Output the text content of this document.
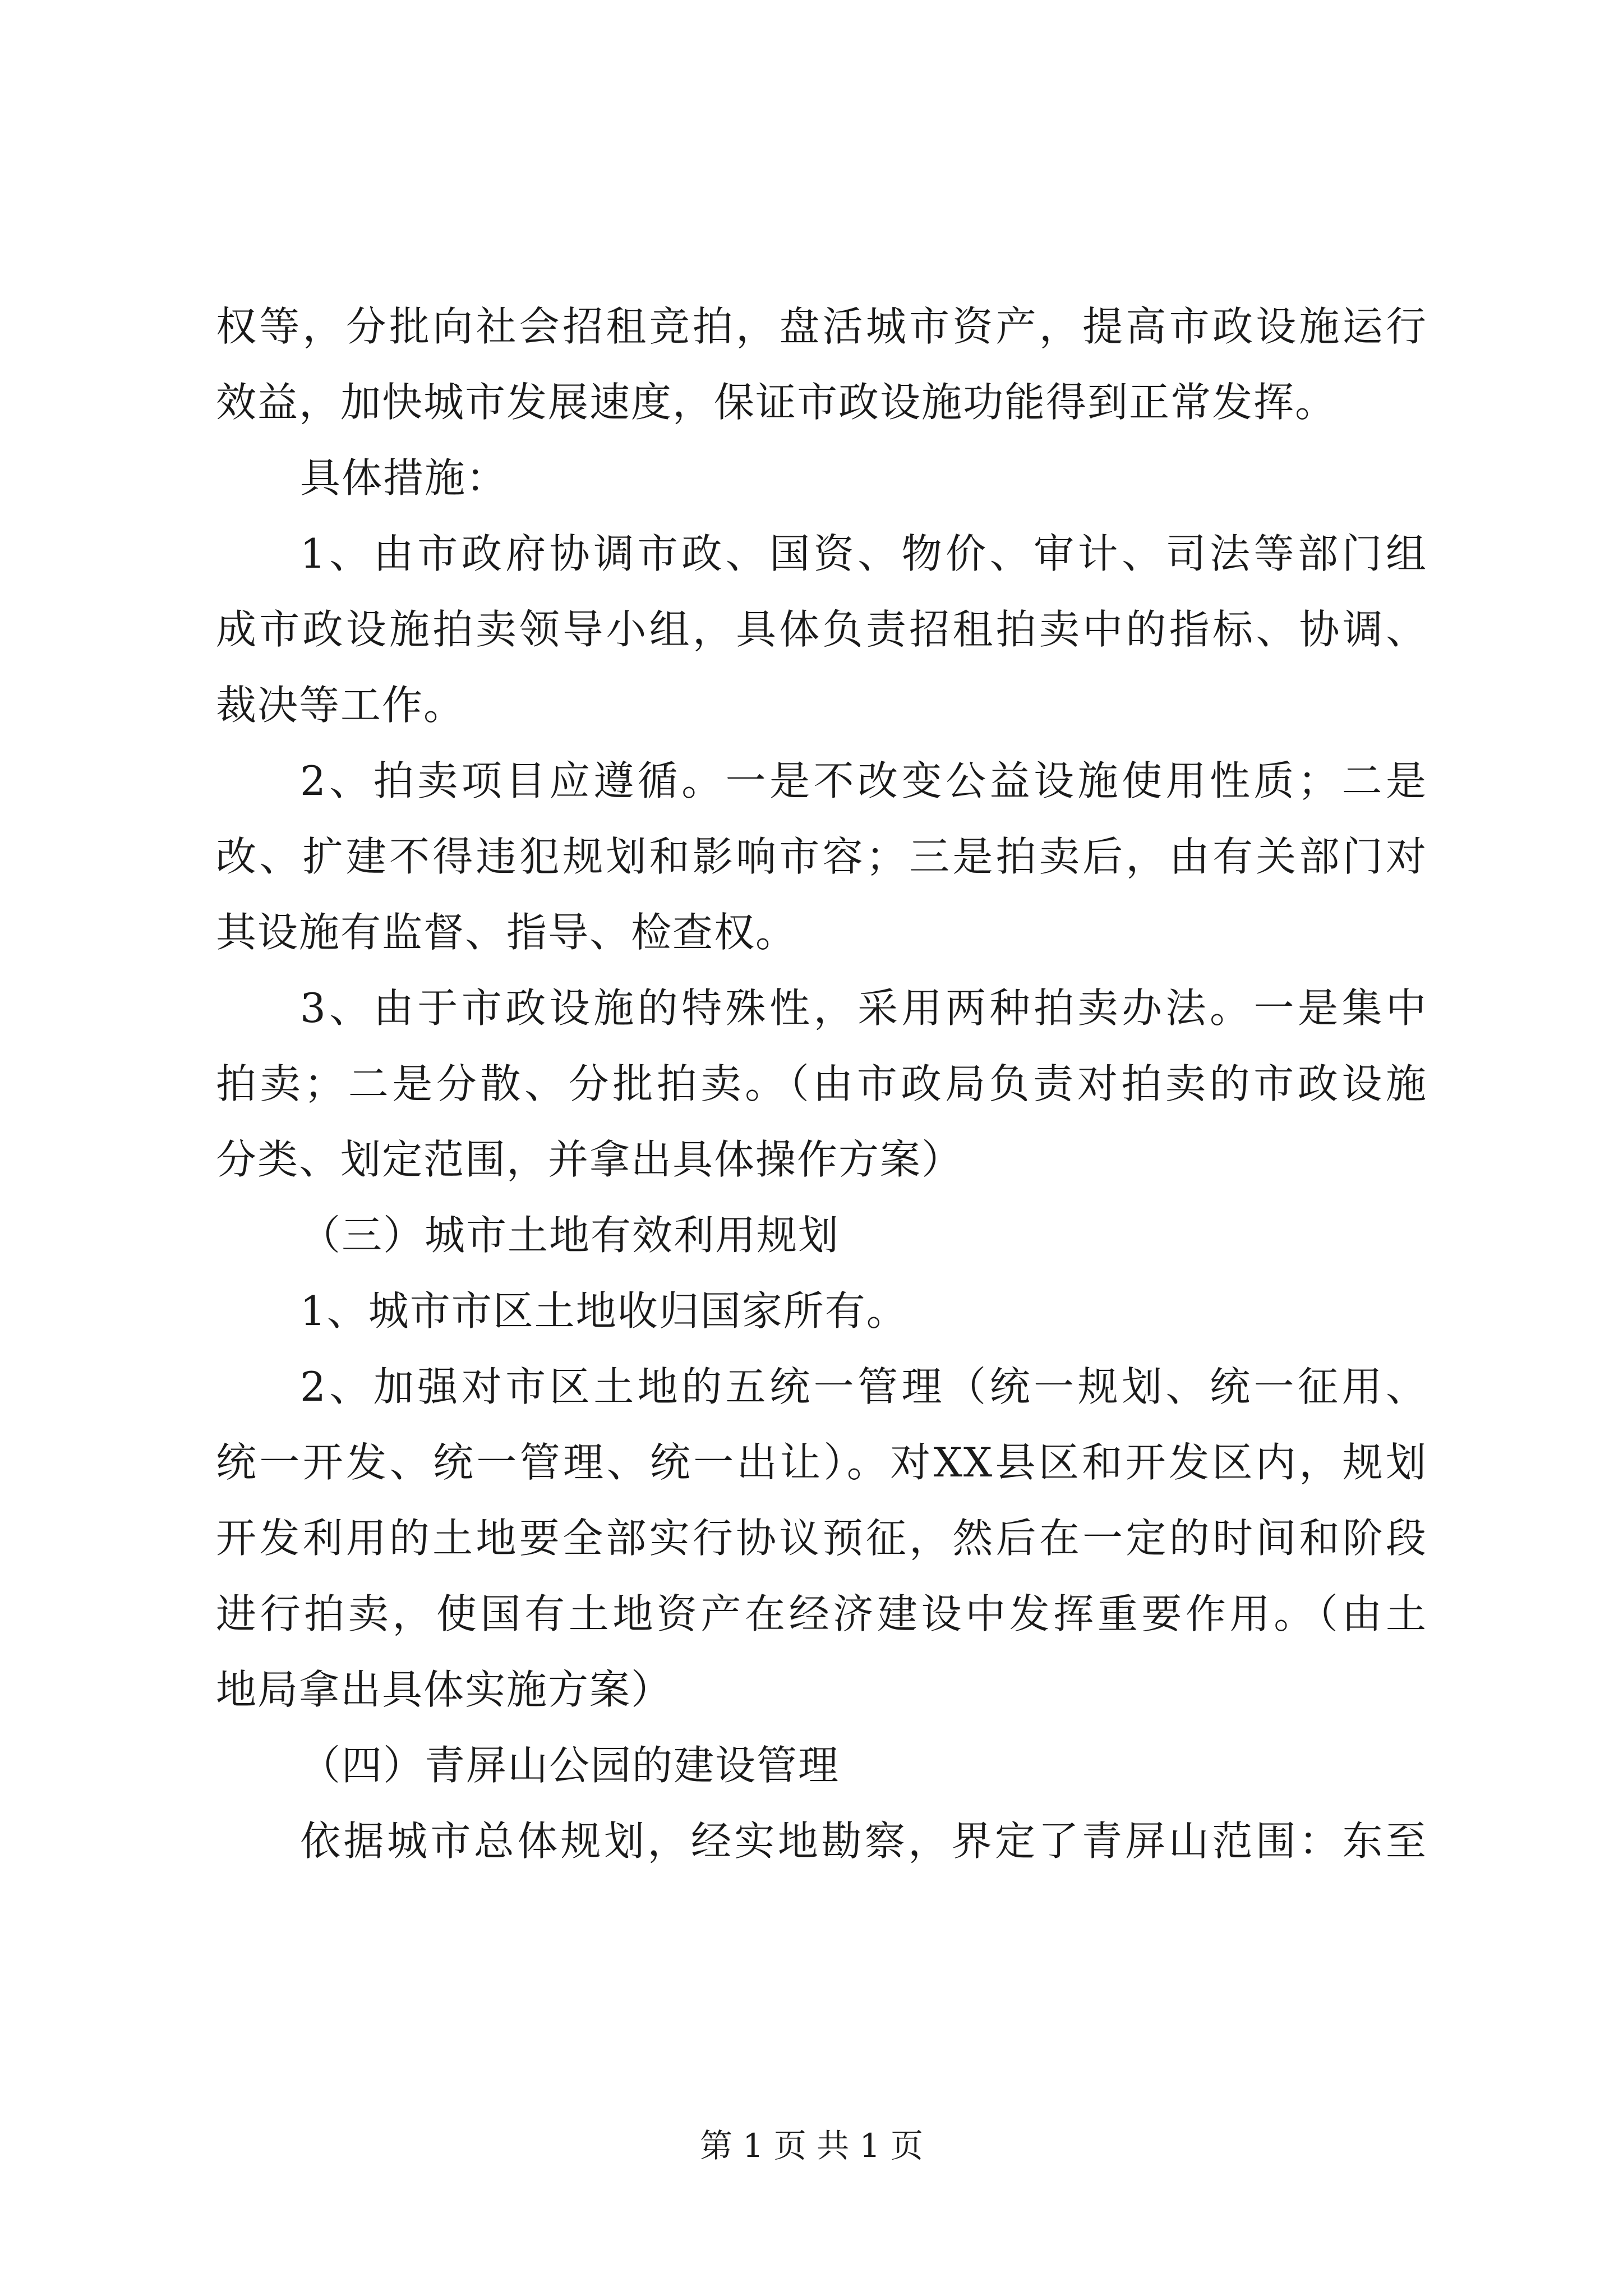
权等，分批向社会招租竞拍，盘活城市资产，提高市政设施运行
效益，加快城市发展速度，保证市政设施功能得到正常发挥。
具体措施：
1、由市政府协调市政、国资、物价、审计、司法等部门组
成市政设施拍卖领导小组，具体负责招租拍卖中的指标、协调、
裁决等工作。
2、拍卖项目应遵循。一是不改变公益设施使用性质；二是
改、扩建不得违犯规划和影响市容；三是拍卖后，由有关部门对
其设施有监督、指导、检查权。
3、由于市政设施的特殊性，采用两种拍卖办法。一是集中
拍卖；二是分散、分批拍卖。（由市政局负责对拍卖的市政设施
分类、划定范围，并拿出具体操作方案）
（三）城市土地有效利用规划
1、城市市区土地收归国家所有。
2、加强对市区土地的五统一管理（统一规划、统一征用、
统一开发、统一管理、统一出让）。对XX县区和开发区内，规划
开发利用的土地要全部实行协议预征，然后在一定的时间和阶段
进行拍卖，使国有土地资产在经济建设中发挥重要作用。（由土
地局拿出具体实施方案）
（四）青屏山公园的建设管理
依据城市总体规划，经实地勘察，界定了青屏山范围：东至
第 1 页 共 1 页
